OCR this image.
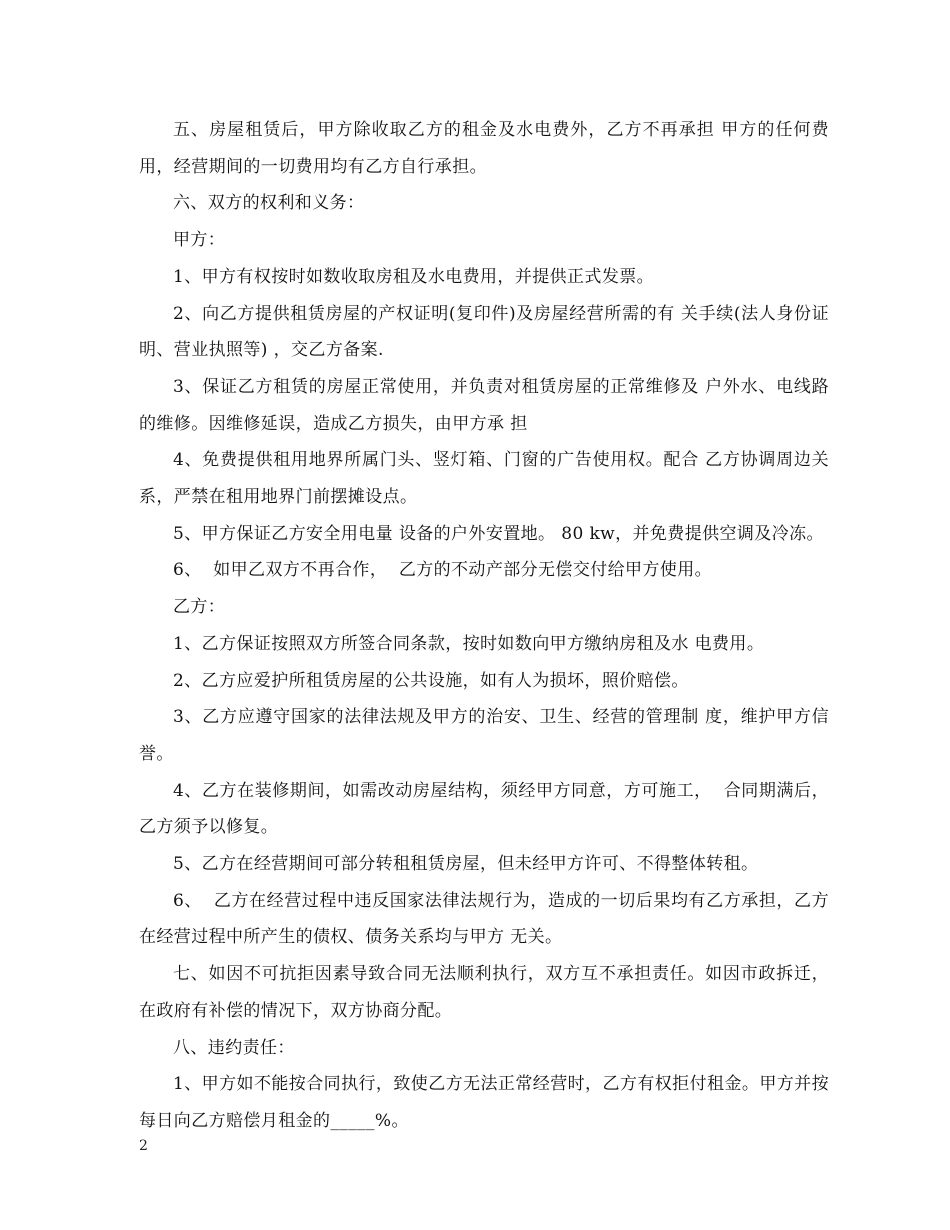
五、房屋租赁后，甲方除收取乙方的租金及水电费外，乙方不再承担 甲方的任何费用，经营期间的一切费用均有乙方自行承担。

六、双方的权利和义务：

甲方：

1、甲方有权按时如数收取房租及水电费用，并提供正式发票。

2、向乙方提供租赁房屋的产权证明(复印件)及房屋经营所需的有 关手续(法人身份证明、营业执照等) ，交乙方备案.

3、保证乙方租赁的房屋正常使用，并负责对租赁房屋的正常维修及 户外水、电线路的维修。因维修延误，造成乙方损失，由甲方承 担

4、免费提供租用地界所属门头、竖灯箱、门窗的广告使用权。配合 乙方协调周边关系，严禁在租用地界门前摆摊设点。

5、甲方保证乙方安全用电量 设备的户外安置地。 80 kw，并免费提供空调及冷冻。

6、  如甲乙双方不再合作，  乙方的不动产部分无偿交付给甲方使用。

乙方：

1、乙方保证按照双方所签合同条款，按时如数向甲方缴纳房租及水 电费用。

2、乙方应爱护所租赁房屋的公共设施，如有人为损坏，照价赔偿。

3、乙方应遵守国家的法律法规及甲方的治安、卫生、经营的管理制 度，维护甲方信誉。

4、乙方在装修期间，如需改动房屋结构，须经甲方同意，方可施工，  合同期满后，乙方须予以修复。

5、乙方在经营期间可部分转租租赁房屋，但未经甲方许可、不得整体转租。

6、  乙方在经营过程中违反国家法律法规行为，造成的一切后果均有乙方承担，乙方在经营过程中所产生的债权、债务关系均与甲方 无关。

七、如因不可抗拒因素导致合同无法顺利执行，双方互不承担责任。如因市政拆迁，在政府有补偿的情况下，双方协商分配。

八、违约责任：

1、甲方如不能按合同执行，致使乙方无法正常经营时，乙方有权拒付租金。甲方并按每日向乙方赔偿月租金的_____%。

2
